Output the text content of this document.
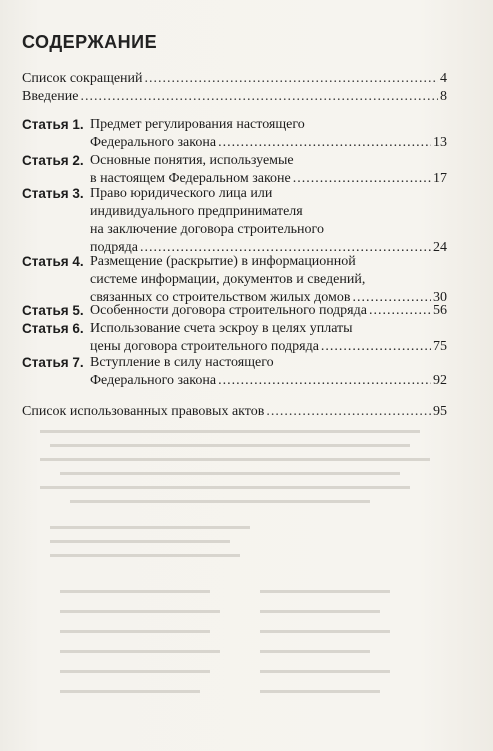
СОДЕРЖАНИЕ
Список сокращений .....	4
Введение .....	8
Статья 1. Предмет регулирования настоящего
Федерального закона .....	13
Статья 2. Основные понятия, используемые
в настоящем Федеральном законе .....	17
Статья 3. Право юридического лица или
индивидуального предпринимателя
на заключение договора строительного
подряда .....	24
Статья 4. Размещение (раскрытие) в информационной
системе информации, документов и сведений,
связанных со строительством жилых домов .....	30
Статья 5. Особенности договора строительного подряда .....	56
Статья 6. Использование счета эскроу в целях уплаты
цены договора строительного подряда .....	75
Статья 7. Вступление в силу настоящего
Федерального закона .....	92
Список использованных правовых актов .....	95
